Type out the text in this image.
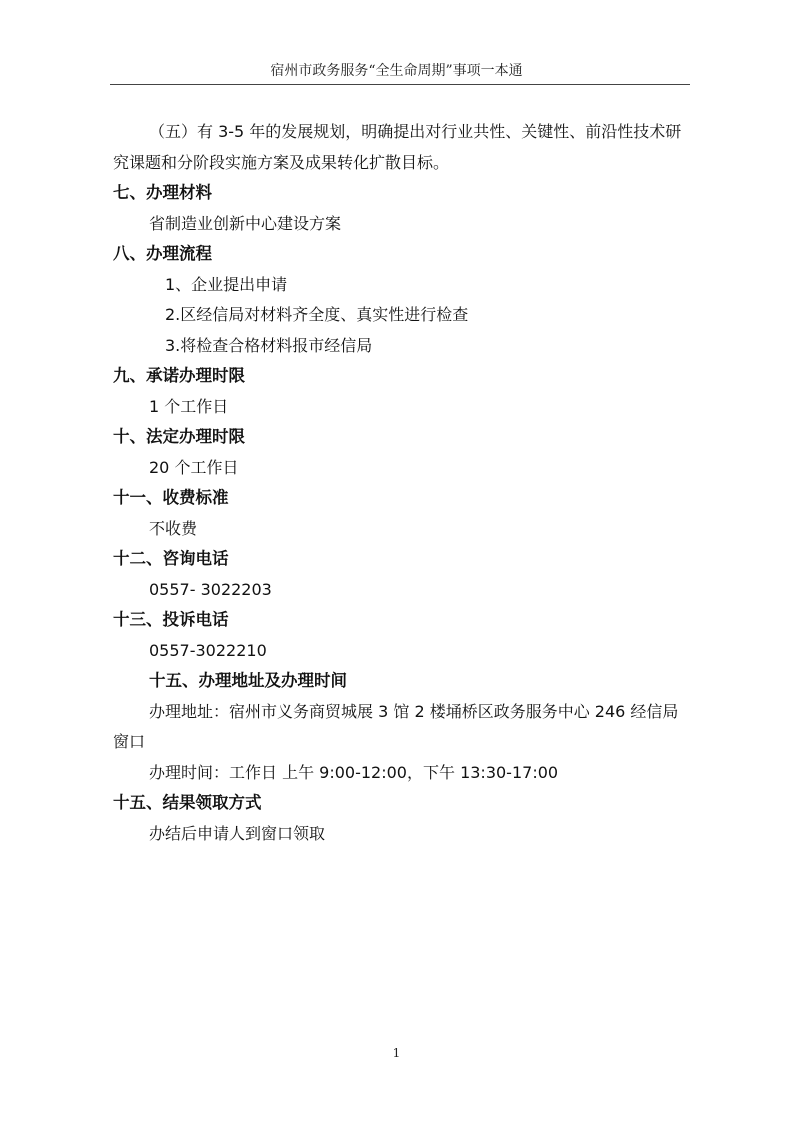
宿州市政务服务“全生命周期”事项一本通
（五）有 3-5 年的发展规划，明确提出对行业共性、关键性、前沿性技术研究课题和分阶段实施方案及成果转化扩散目标。
七、办理材料
省制造业创新中心建设方案
八、办理流程
1、企业提出申请
2.区经信局对材料齐全度、真实性进行检查
3.将检查合格材料报市经信局
九、承诺办理时限
1 个工作日
十、法定办理时限
20 个工作日
十一、收费标准
不收费
十二、咨询电话
0557- 3022203
十三、投诉电话
0557-3022210
十五、办理地址及办理时间
办理地址：宿州市义务商贸城展 3 馆 2 楼埇桥区政务服务中心 246 经信局窗口
办理时间：工作日 上午 9:00-12:00，下午 13:30-17:00
十五、结果领取方式
办结后申请人到窗口领取
1
